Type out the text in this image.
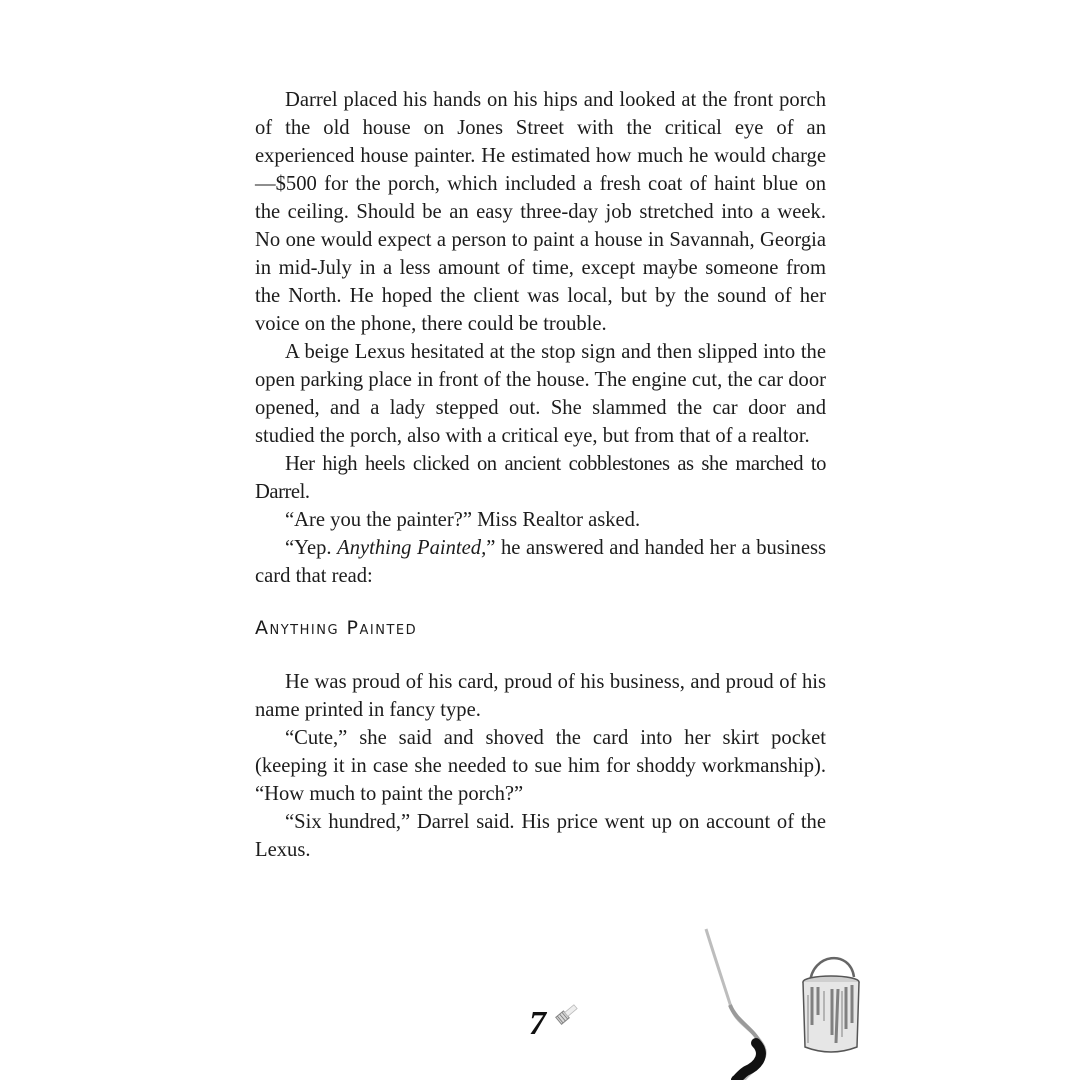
Darrel placed his hands on his hips and looked at the front porch of the old house on Jones Street with the critical eye of an experienced house painter. He estimated how much he would charge—$500 for the porch, which included a fresh coat of haint blue on the ceiling. Should be an easy three-day job stretched into a week. No one would expect a person to paint a house in Savannah, Georgia in mid-July in a less amount of time, except maybe someone from the North. He hoped the client was local, but by the sound of her voice on the phone, there could be trouble.

A beige Lexus hesitated at the stop sign and then slipped into the open parking place in front of the house. The engine cut, the car door opened, and a lady stepped out. She slammed the car door and studied the porch, also with a critical eye, but from that of a realtor.

Her high heels clicked on ancient cobblestones as she marched to Darrel.

“Are you the painter?” Miss Realtor asked.

“Yep. Anything Painted,” he answered and handed her a business card that read:

Anything Painted

He was proud of his card, proud of his business, and proud of his name printed in fancy type.

“Cute,” she said and shoved the card into her skirt pocket (keeping it in case she needed to sue him for shoddy workmanship). “How much to paint the porch?”

“Six hundred,” Darrel said. His price went up on account of the Lexus.

7
